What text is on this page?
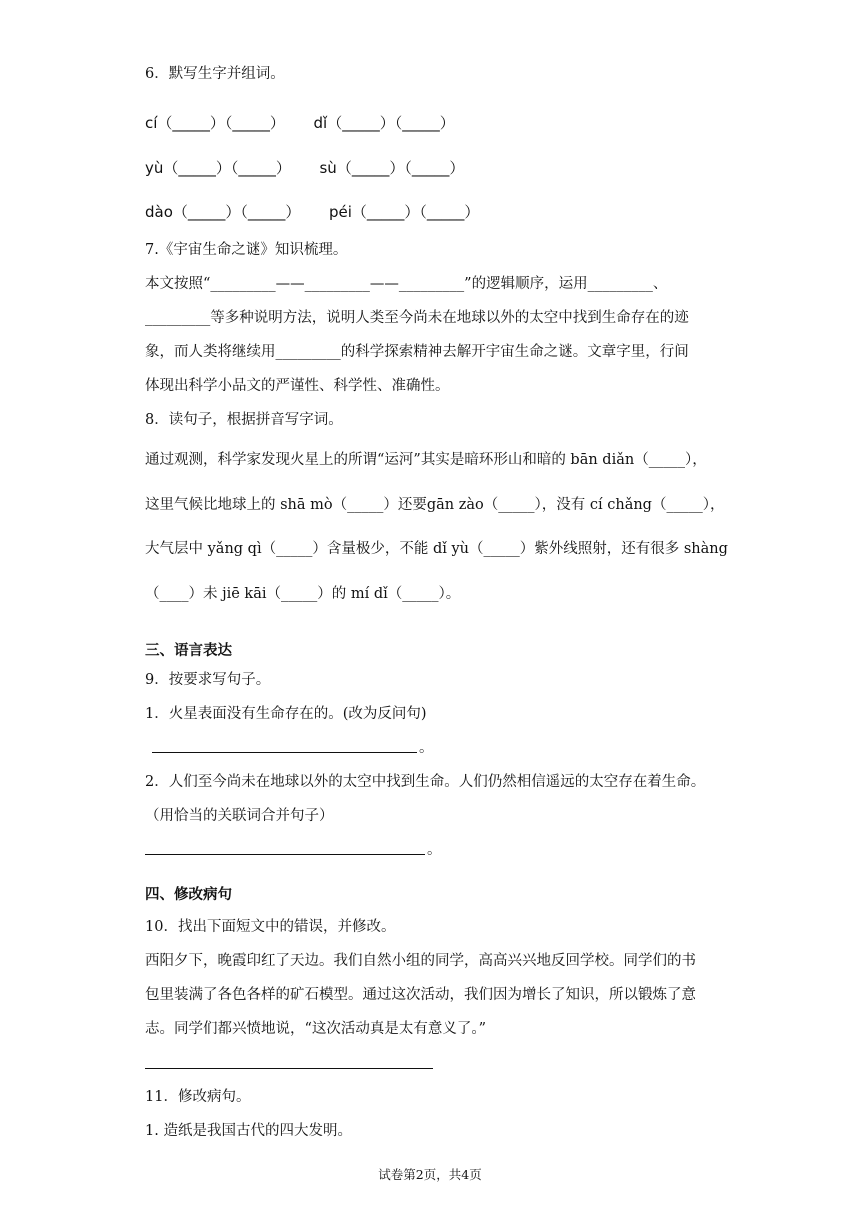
6．默写生字并组词。
cí（_____）（_____）      dǐ（_____）（_____）
yù（_____）（_____）      sù（_____）（_____）
dào（_____）（_____）      péi（_____）（_____）
7.《宇宙生命之谜》知识梳理。
本文按照“_________——_________——_________”的逻辑顺序，运用_________、
_________等多种说明方法，说明人类至今尚未在地球以外的太空中找到生命存在的迹
象，而人类将继续用_________的科学探索精神去解开宇宙生命之谜。文章字里，行间
体现出科学小品文的严谨性、科学性、准确性。
8．读句子，根据拼音写字词。
通过观测，科学家发现火星上的所谓“运河”其实是暗环形山和暗的 bān diǎn（_____），
这里气候比地球上的 shā mò（_____）还要gān zào（_____），没有 cí chǎng（_____），
大气层中 yǎng qì（_____）含量极少，不能 dǐ yù（_____）紫外线照射，还有很多 shàng
（____）未 jiē kāi（_____）的 mí dǐ（_____）。
三、语言表达
9．按要求写句子。
1．火星表面没有生命存在的。(改为反问句)
。
2．人们至今尚未在地球以外的太空中找到生命。人们仍然相信遥远的太空存在着生命。
（用恰当的关联词合并句子）
。
四、修改病句
10．找出下面短文中的错误，并修改。
西阳夕下，晚霞印红了天边。我们自然小组的同学，高高兴兴地反回学校。同学们的书
包里装满了各色各样的矿石模型。通过这次活动，我们因为增长了知识，所以锻炼了意
志。同学们都兴愤地说，“这次活动真是太有意义了。”
11．修改病句。
1. 造纸是我国古代的四大发明。
试卷第2页，共4页
